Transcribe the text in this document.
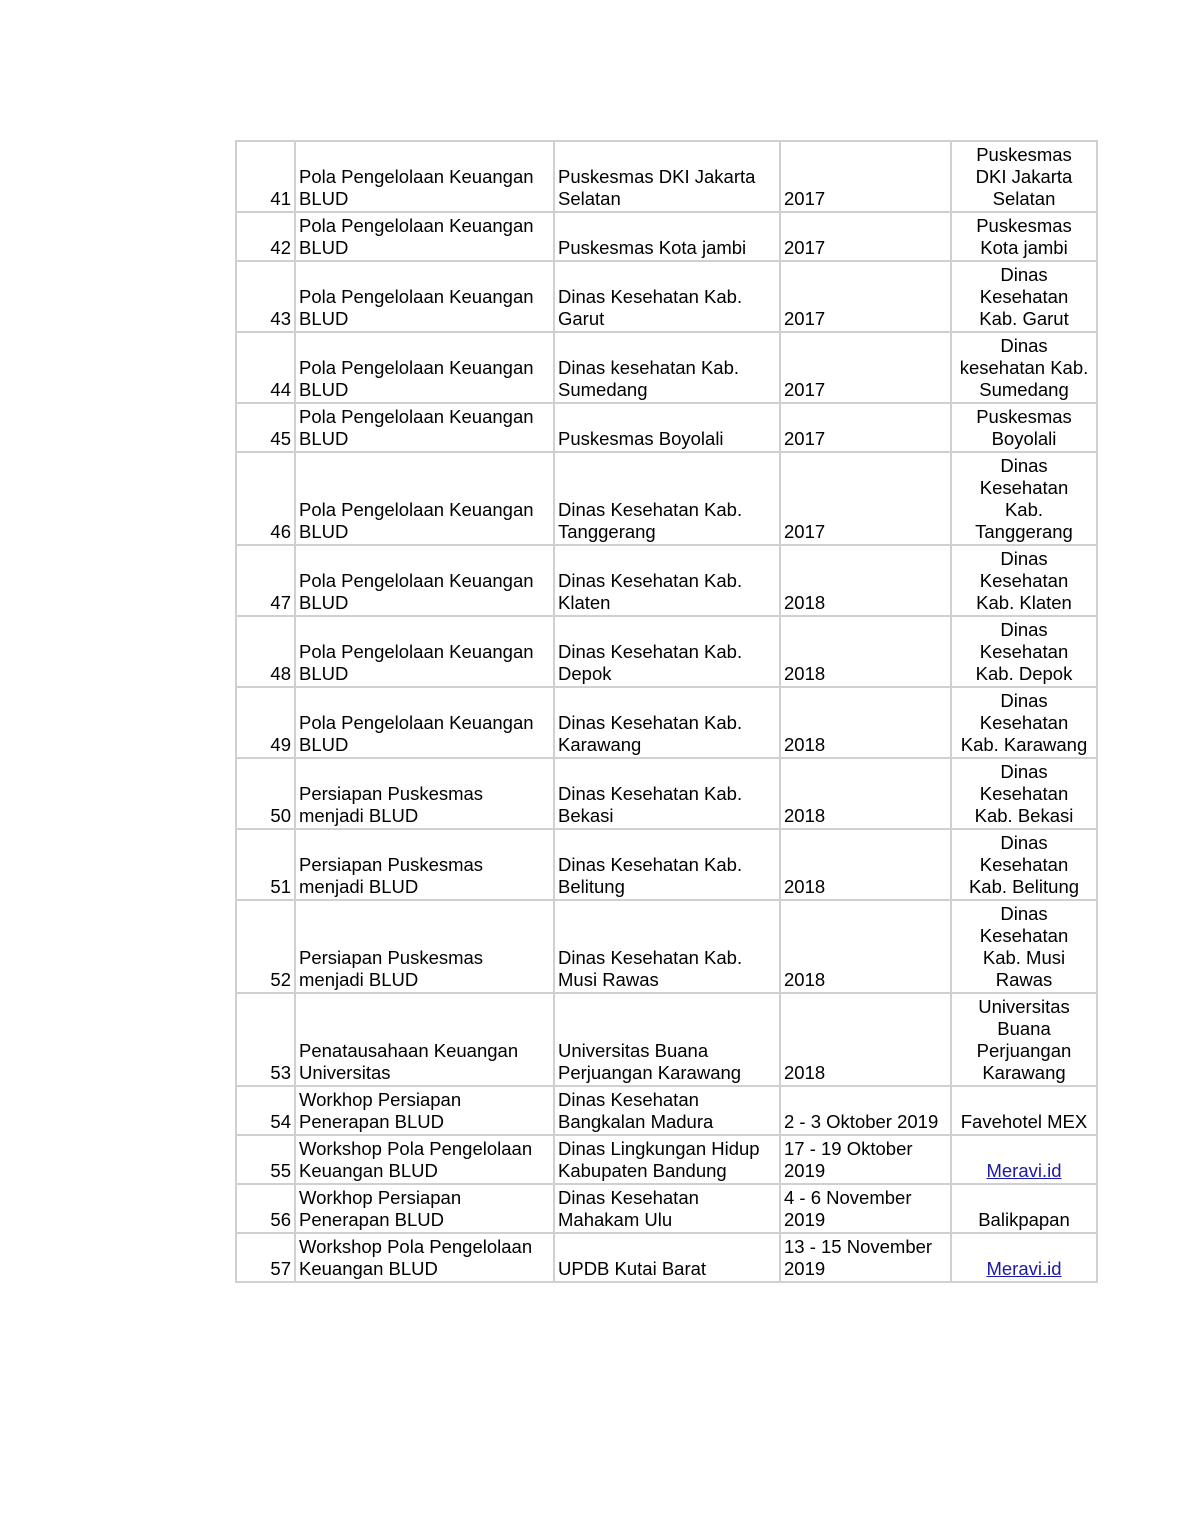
41	Pola Pengelolaan Keuangan BLUD	Puskesmas DKI Jakarta Selatan	2017	Puskesmas
DKI Jakarta
Selatan
42	Pola Pengelolaan Keuangan BLUD	Puskesmas Kota jambi	2017	Puskesmas
Kota jambi
43	Pola Pengelolaan Keuangan BLUD	Dinas Kesehatan Kab. Garut	2017	Dinas
Kesehatan
Kab. Garut
44	Pola Pengelolaan Keuangan BLUD	Dinas kesehatan Kab. Sumedang	2017	Dinas
kesehatan Kab.
Sumedang
45	Pola Pengelolaan Keuangan BLUD	Puskesmas Boyolali	2017	Puskesmas
Boyolali
46	Pola Pengelolaan Keuangan BLUD	Dinas Kesehatan Kab. Tanggerang	2017	Dinas
Kesehatan
Kab.
Tanggerang
47	Pola Pengelolaan Keuangan BLUD	Dinas Kesehatan Kab. Klaten	2018	Dinas
Kesehatan
Kab. Klaten
48	Pola Pengelolaan Keuangan BLUD	Dinas Kesehatan Kab. Depok	2018	Dinas
Kesehatan
Kab. Depok
49	Pola Pengelolaan Keuangan BLUD	Dinas Kesehatan Kab. Karawang	2018	Dinas
Kesehatan
Kab. Karawang
50	Persiapan Puskesmas menjadi BLUD	Dinas Kesehatan Kab. Bekasi	2018	Dinas
Kesehatan
Kab. Bekasi
51	Persiapan Puskesmas menjadi BLUD	Dinas Kesehatan Kab. Belitung	2018	Dinas
Kesehatan
Kab. Belitung
52	Persiapan Puskesmas menjadi BLUD	Dinas Kesehatan Kab. Musi Rawas	2018	Dinas
Kesehatan
Kab. Musi
Rawas
53	Penatausahaan Keuangan Universitas	Universitas Buana Perjuangan Karawang	2018	Universitas
Buana
Perjuangan
Karawang
54	Workhop Persiapan Penerapan BLUD	Dinas Kesehatan Bangkalan Madura	2 - 3 Oktober 2019	Favehotel MEX
55	Workshop Pola Pengelolaan Keuangan BLUD	Dinas Lingkungan Hidup Kabupaten Bandung	17 - 19 Oktober 2019	Meravi.id
56	Workhop Persiapan Penerapan BLUD	Dinas Kesehatan Mahakam Ulu	4 - 6 November 2019	Balikpapan
57	Workshop Pola Pengelolaan Keuangan BLUD	UPDB Kutai Barat	13 - 15 November 2019	Meravi.id
